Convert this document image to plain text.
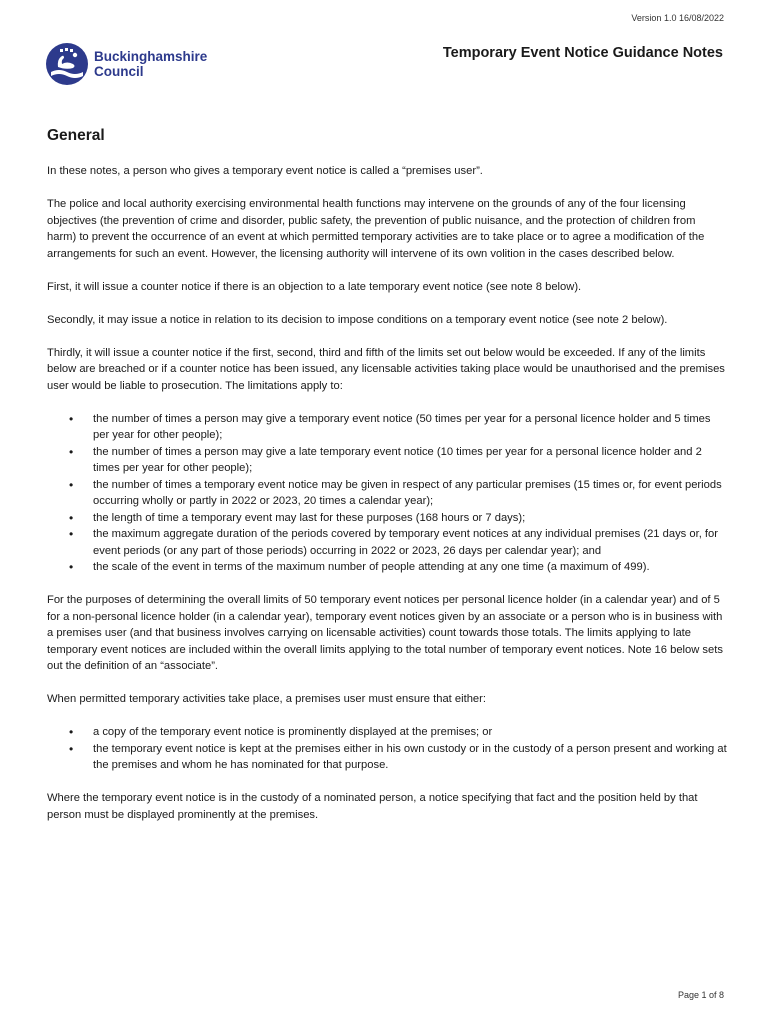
Version 1.0 16/08/2022
Buckinghamshire
Council
Temporary Event Notice Guidance Notes
General

In these notes, a person who gives a temporary event notice is called a “premises user”.

The police and local authority exercising environmental health functions may intervene on the grounds of any of the four licensing objectives (the prevention of crime and disorder, public safety, the prevention of public nuisance, and the protection of children from harm) to prevent the occurrence of an event at which permitted temporary activities are to take place or to agree a modification of the arrangements for such an event. However, the licensing authority will intervene of its own volition in the cases described below.

First, it will issue a counter notice if there is an objection to a late temporary event notice (see note 8 below).

Secondly, it may issue a notice in relation to its decision to impose conditions on a temporary event notice (see note 2 below).

Thirdly, it will issue a counter notice if the first, second, third and fifth of the limits set out below would be exceeded. If any of the limits below are breached or if a counter notice has been issued, any licensable activities taking place would be unauthorised and the premises user would be liable to prosecution. The limitations apply to:

• the number of times a person may give a temporary event notice (50 times per year for a personal licence holder and 5 times per year for other people);
• the number of times a person may give a late temporary event notice (10 times per year for a personal licence holder and 2 times per year for other people);
• the number of times a temporary event notice may be given in respect of any particular premises (15 times or, for event periods occurring wholly or partly in 2022 or 2023, 20 times a calendar year);
• the length of time a temporary event may last for these purposes (168 hours or 7 days);
• the maximum aggregate duration of the periods covered by temporary event notices at any individual premises (21 days or, for event periods (or any part of those periods) occurring in 2022 or 2023, 26 days per calendar year); and
• the scale of the event in terms of the maximum number of people attending at any one time (a maximum of 499).

For the purposes of determining the overall limits of 50 temporary event notices per personal licence holder (in a calendar year) and of 5 for a non-personal licence holder (in a calendar year), temporary event notices given by an associate or a person who is in business with a premises user (and that business involves carrying on licensable activities) count towards those totals. The limits applying to late temporary event notices are included within the overall limits applying to the total number of temporary event notices. Note 16 below sets out the definition of an “associate”.

When permitted temporary activities take place, a premises user must ensure that either:

• a copy of the temporary event notice is prominently displayed at the premises; or
• the temporary event notice is kept at the premises either in his own custody or in the custody of a person present and working at the premises and whom he has nominated for that purpose.

Where the temporary event notice is in the custody of a nominated person, a notice specifying that fact and the position held by that person must be displayed prominently at the premises.

Page 1 of 8
